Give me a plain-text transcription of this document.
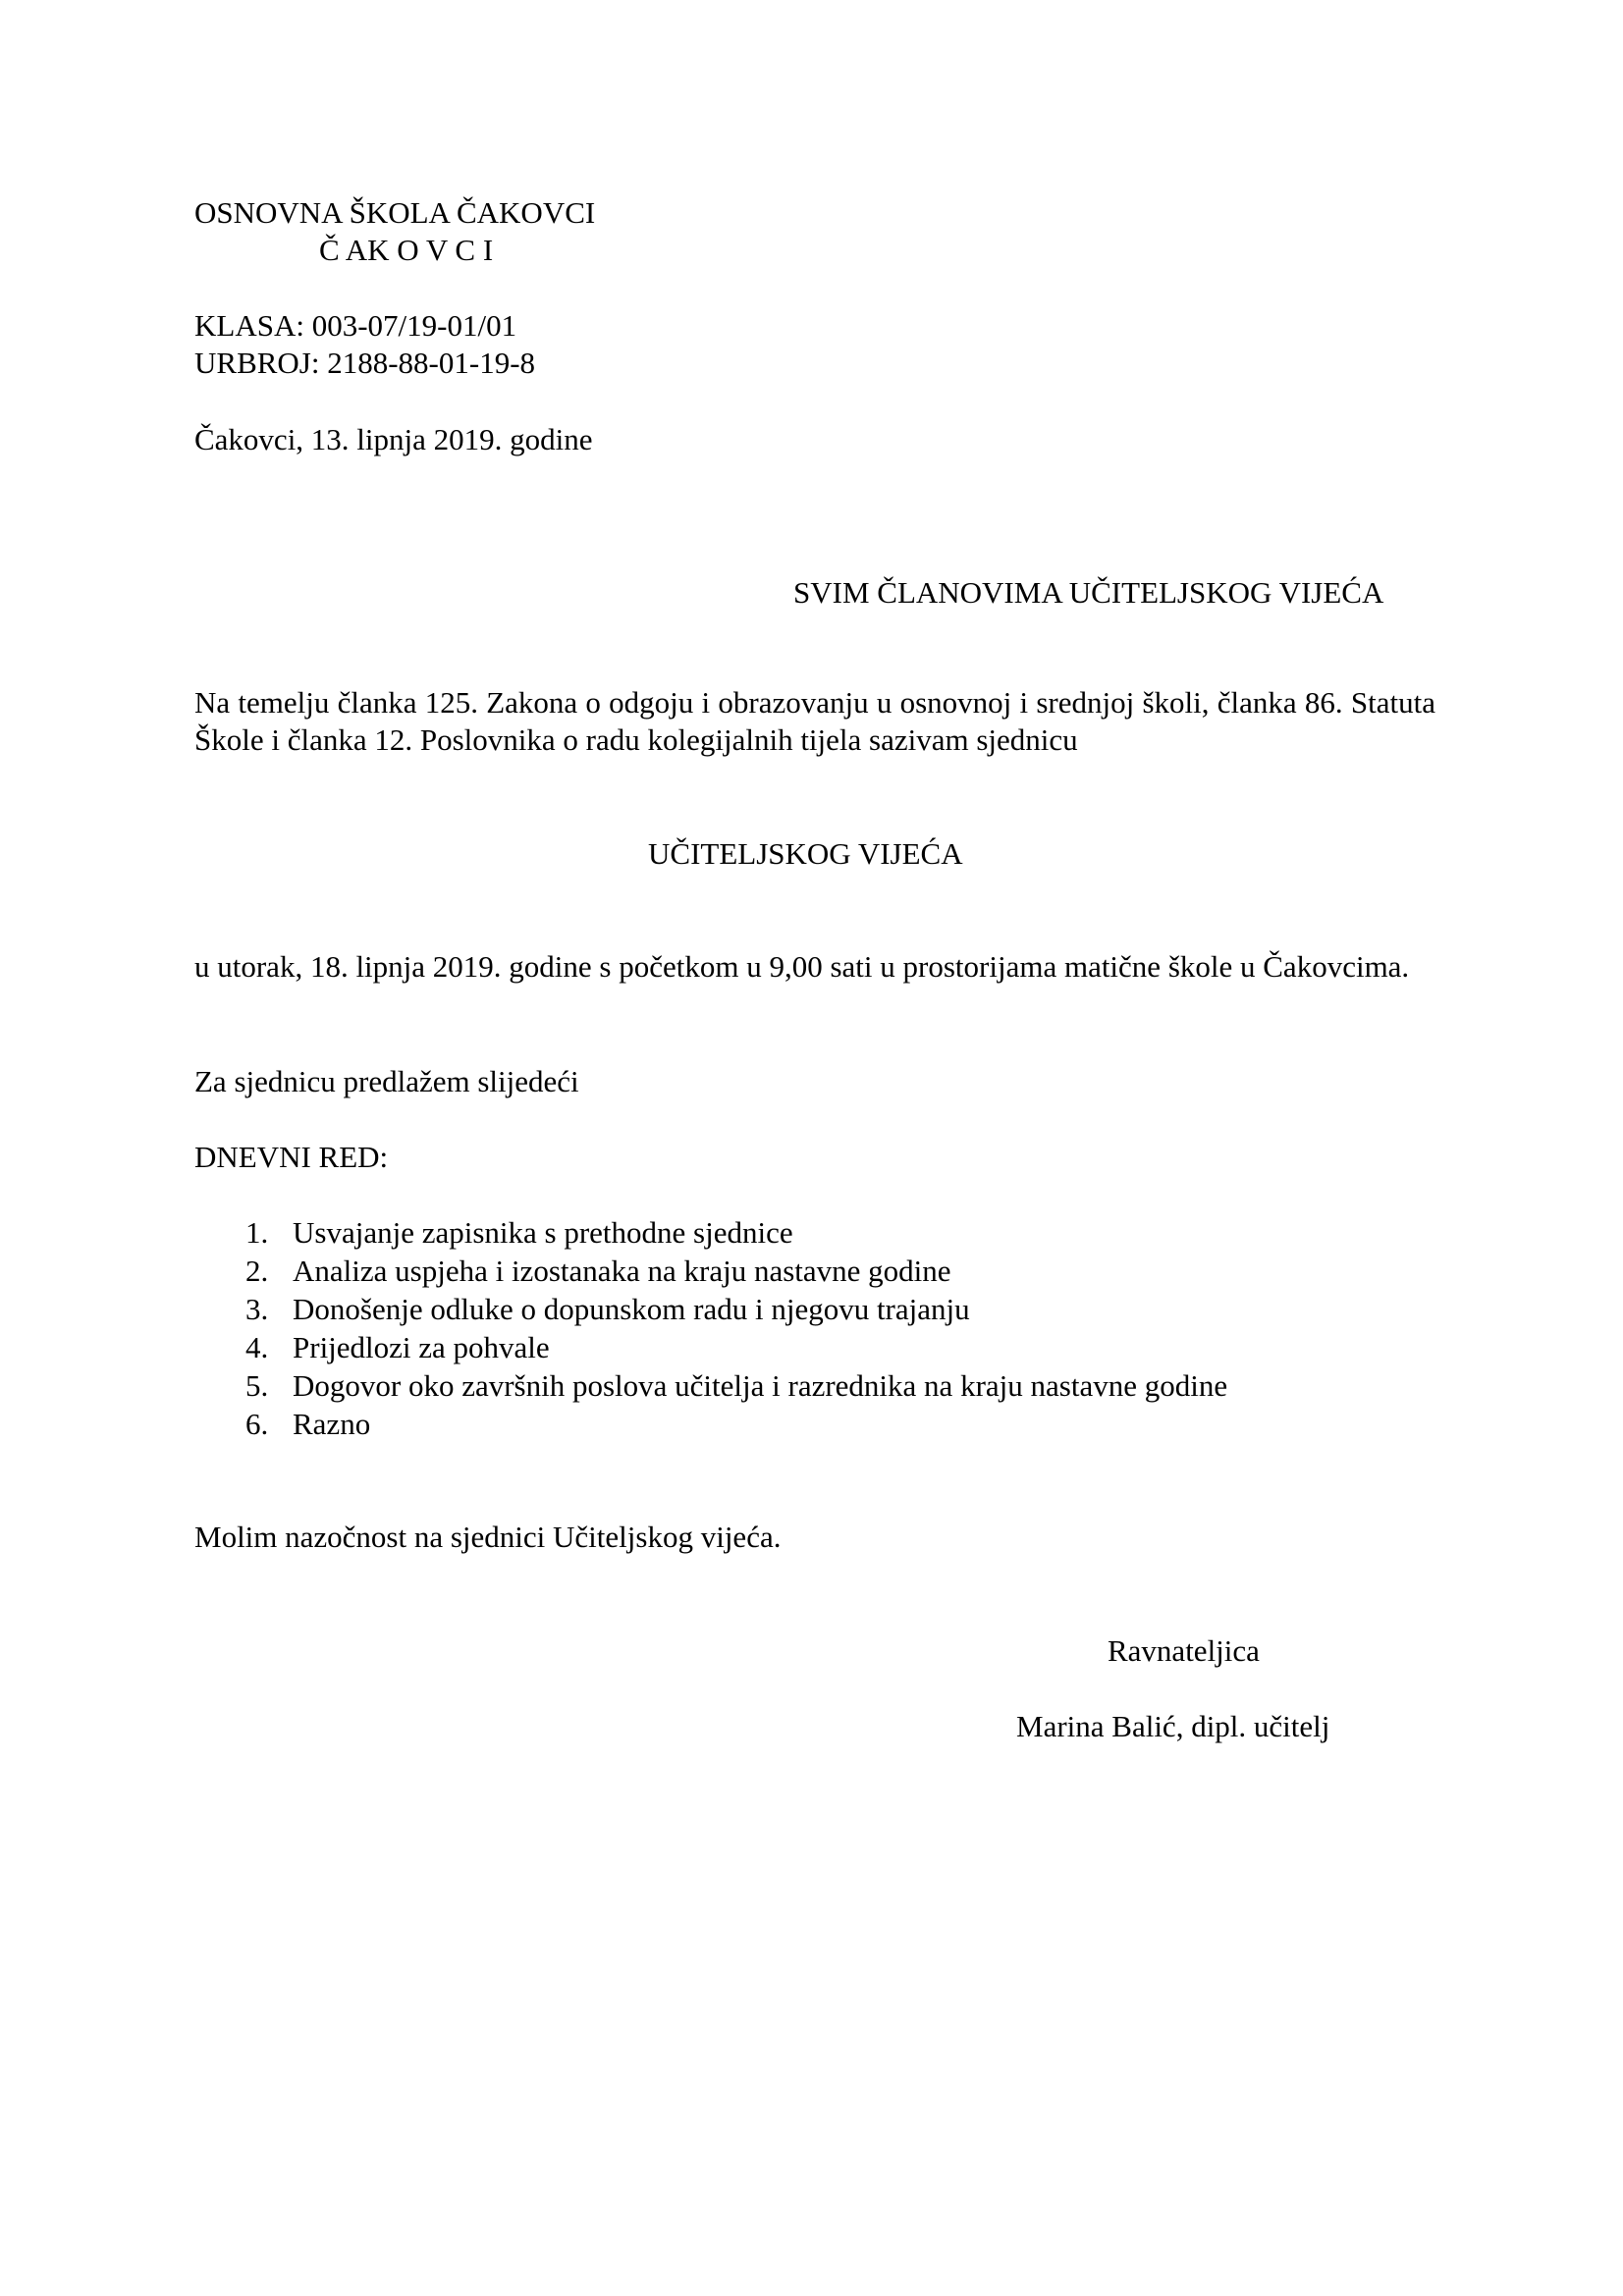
OSNOVNA ŠKOLA ČAKOVCI
Č AK O V C I
KLASA: 003-07/19-01/01
URBROJ: 2188-88-01-19-8
Čakovci, 13. lipnja 2019. godine
SVIM ČLANOVIMA UČITELJSKOG VIJEĆA
Na temelju članka 125. Zakona o odgoju i obrazovanju u osnovnoj i srednjoj školi, članka 86. Statuta Škole i članka 12. Poslovnika o radu kolegijalnih tijela sazivam sjednicu
UČITELJSKOG VIJEĆA
u utorak, 18. lipnja 2019. godine s početkom u 9,00 sati u prostorijama matične škole u Čakovcima.
Za sjednicu predlažem slijedeći
DNEVNI RED:
1. Usvajanje zapisnika s prethodne sjednice
2. Analiza uspjeha i izostanaka na kraju nastavne godine
3. Donošenje odluke o dopunskom radu i njegovu trajanju
4. Prijedlozi za pohvale
5. Dogovor oko završnih poslova učitelja i razrednika na kraju nastavne godine
6. Razno
Molim nazočnost na sjednici Učiteljskog vijeća.
Ravnateljica
Marina Balić, dipl. učitelj
